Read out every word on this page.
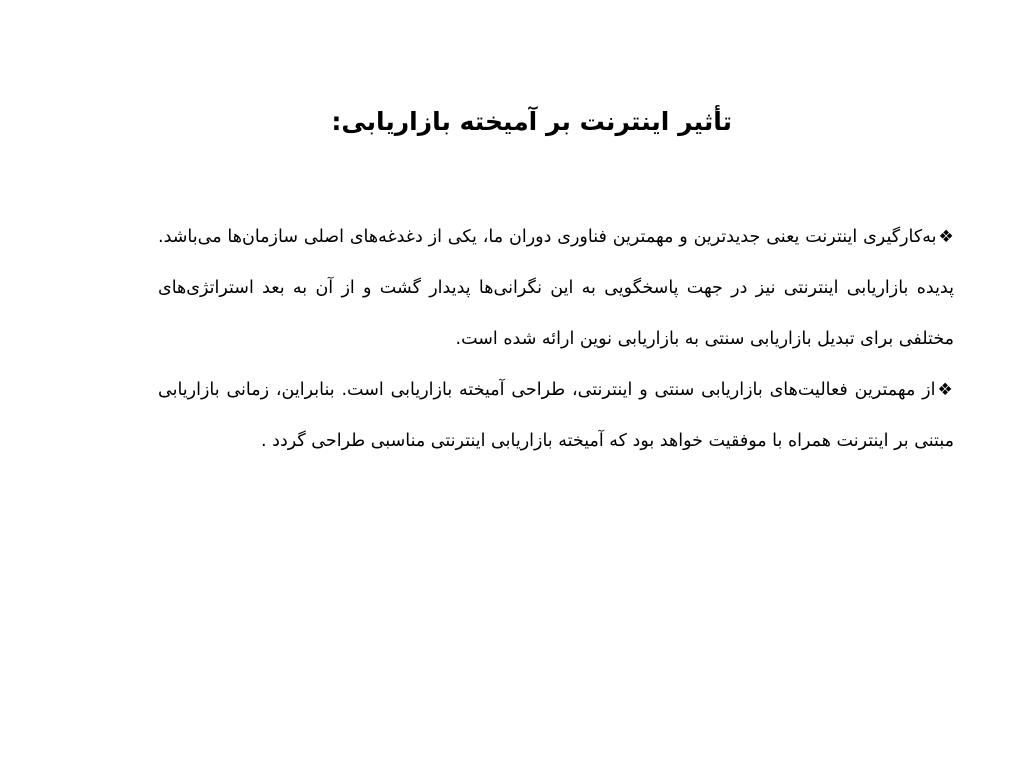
تأثیر اینترنت بر آمیخته بازاریابی:

❖به‌کارگیری اینترنت یعنی جدیدترین و مهمترین فناوری دوران ما، یکی از دغدغه‌های اصلی سازمان‌ها می‌باشد. پدیده بازاریابی اینترنتی نیز در جهت پاسخگویی به این نگرانی‌ها پدیدار گشت و از آن به بعد استراتژی‌های مختلفی برای تبدیل بازاریابی سنتی به بازاریابی نوین ارائه شده است.

❖از مهمترین فعالیت‌های بازاریابی سنتی و اینترنتی، طراحی آمیخته بازاریابی است. بنابراین، زمانی بازاریابی مبتنی بر اینترنت همراه با موفقیت خواهد بود که آمیخته بازاریابی اینترنتی مناسبی طراحی گردد .
